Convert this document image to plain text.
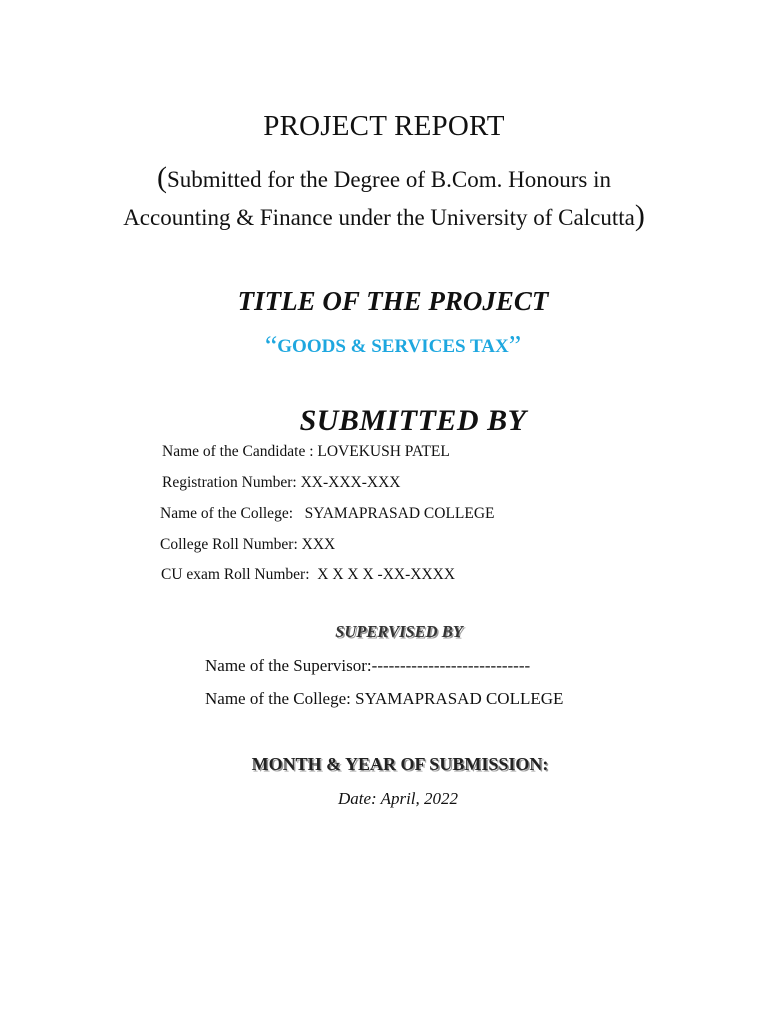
PROJECT REPORT
(Submitted for the Degree of B.Com. Honours in
Accounting & Finance under the University of Calcutta)
TITLE OF THE PROJECT
“GOODS & SERVICES TAX”
SUBMITTED BY
Name of the Candidate : LOVEKUSH PATEL
Registration Number: XX-XXX-XXX
Name of the College:   SYAMAPRASAD COLLEGE
College Roll Number: XXX
CU exam Roll Number:  X X X X -XX-XXXX
SUPERVISED BY
Name of the Supervisor:----------------------------
Name of the College: SYAMAPRASAD COLLEGE
MONTH & YEAR OF SUBMISSION:
Date: April, 2022
